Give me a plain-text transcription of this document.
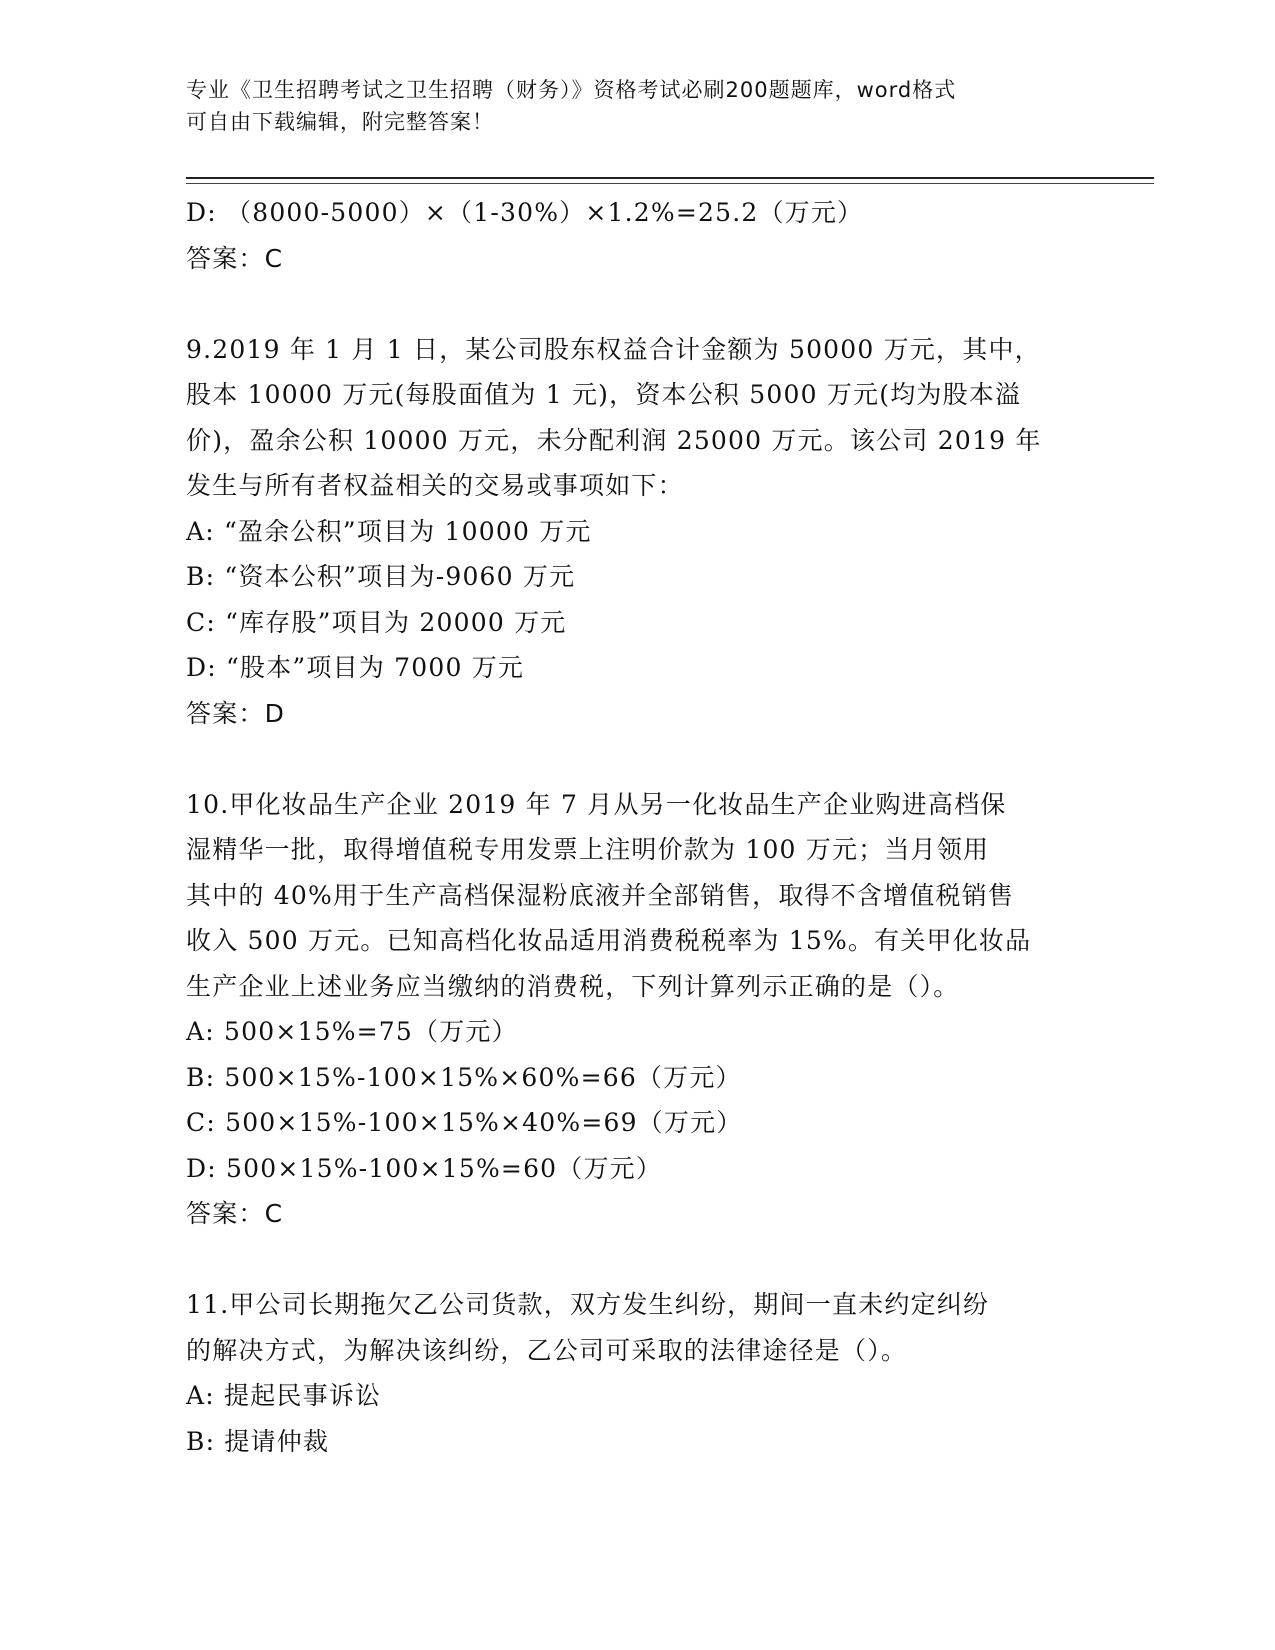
专业《卫生招聘考试之卫生招聘（财务）》资格考试必刷200题题库，word格式
可自由下载编辑，附完整答案！
D: （8000-5000）×（1-30%）×1.2%=25.2（万元）
答案：C
9.2019 年 1 月 1 日，某公司股东权益合计金额为 50000 万元，其中，
股本 10000 万元(每股面值为 1 元)，资本公积 5000 万元(均为股本溢
价)，盈余公积 10000 万元，未分配利润 25000 万元。该公司 2019 年
发生与所有者权益相关的交易或事项如下：
A: “盈余公积”项目为 10000 万元
B: “资本公积”项目为-9060 万元
C: “库存股”项目为 20000 万元
D: “股本”项目为 7000 万元
答案：D
10.甲化妆品生产企业 2019 年 7 月从另一化妆品生产企业购进高档保
湿精华一批，取得增值税专用发票上注明价款为 100 万元；当月领用
其中的 40%用于生产高档保湿粉底液并全部销售，取得不含增值税销售
收入 500 万元。已知高档化妆品适用消费税税率为 15%。有关甲化妆品
生产企业上述业务应当缴纳的消费税，下列计算列示正确的是（）。
A: 500×15%=75（万元）
B: 500×15%-100×15%×60%=66（万元）
C: 500×15%-100×15%×40%=69（万元）
D: 500×15%-100×15%=60（万元）
答案：C
11.甲公司长期拖欠乙公司货款，双方发生纠纷，期间一直未约定纠纷
的解决方式，为解决该纠纷，乙公司可采取的法律途径是（）。
A: 提起民事诉讼
B: 提请仲裁
